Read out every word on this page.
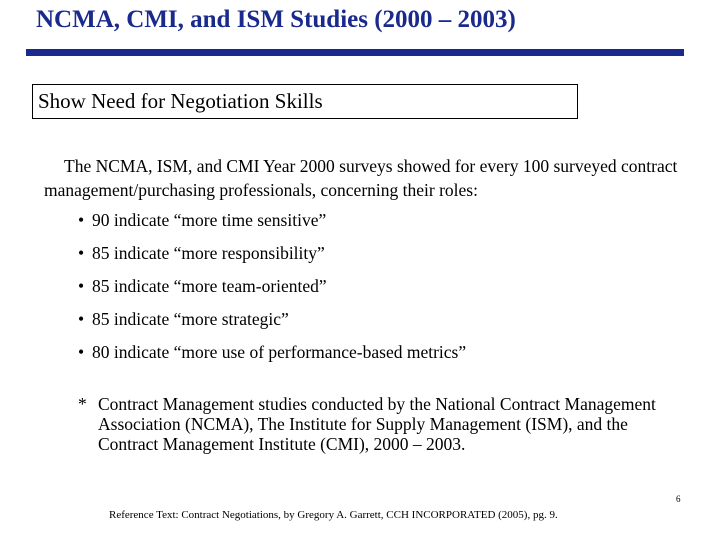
NCMA, CMI, and ISM Studies (2000 – 2003)
Show Need for Negotiation Skills
The NCMA, ISM, and CMI Year 2000 surveys showed for every 100 surveyed contract management/purchasing professionals, concerning their roles:
• 90 indicate “more time sensitive”
• 85 indicate “more responsibility”
• 85 indicate “more team-oriented”
• 85 indicate “more strategic”
• 80 indicate “more use of performance-based metrics”
* Contract Management studies conducted by the National Contract Management Association (NCMA), The Institute for Supply Management (ISM), and the Contract Management Institute (CMI), 2000 – 2003.
6
Reference Text: Contract Negotiations, by Gregory A. Garrett, CCH INCORPORATED (2005), pg. 9.
